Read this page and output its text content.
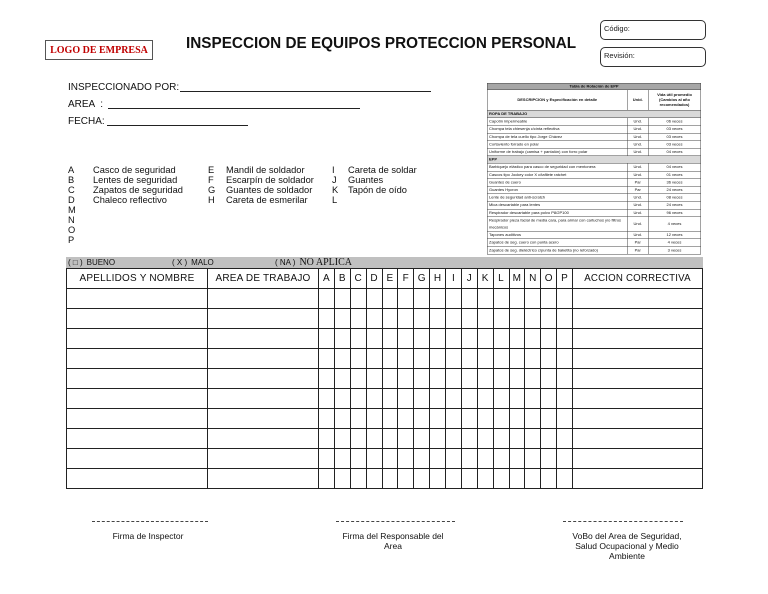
LOGO DE EMPRESA	INSPECCION DE EQUIPOS PROTECCION PERSONAL
Código:
Revisión:
INSPECCIONADO POR:
AREA  :
FECHA:
A Casco de seguridad
B Lentes de seguridad
C Zapatos de seguridad
D Chaleco reflectivo
M
N
O
P
E Mandil de soldador
F Escarpín de soldador
G Guantes de soldador
H Careta de esmerilar
I Careta de soldar
J Guantes
K Tapón de oído
L
Tabla de Rotación de EPP		
DESCRIPCION y Especificación en detalle	Unid.	Vida útil promedio (Cambios al año recomendados)
ROPA DE TRABAJO		
Capotín impermeable	Und.	06 veces
Chompa tela chiesenja c/cinta reflectiva	Und.	03 veces
Chompa de tela cuello tipo Jorge Chávez	Und.	03 veces
Cortaviento forrado en polar	Und.	03 veces
Uniforme de trabajo (camisa + pantalón) con forro polar	Und.	04 veces
EPP		
Barbiquejo elástico para casco de seguridad con mentonera	Und.	04 veces
Cascos tipo Jockey color X c/tafilete ratchet	Und.	01 veces
Guantes de cuero	Par	36 veces
Guantes Hycron	Par	24 veces
Lente de seguridad anti-scratch	Und.	08 veces
Mica descartable para lentes	Und.	24 veces
Respirador descartable para polvo P8/2P100	Und.	96 veces
Respirador pieza facial de media cara, para armar con cartuchos y/o filtros mecánicos	Und.	4 veces
Tapones auditivos	Und.	12 veces
Zapatos de seg. cuero con punta acero	Par	4 veces
Zapatos de seg. dieléctrico c/punta de baketita (no reforzado)	Par	3 veces
( □ ) BUENO	( X ) MALO	( NA ) NO APLICA
APELLIDOS Y NOMBRE	AREA DE TRABAJO	A	B	C	D	E	F	G	H	I	J	K	L	M	N	O	P	ACCION CORRECTIVA

Firma de Inspector	Firma del Responsable del Area
VoBo del Area de Seguridad, Salud Ocupacional y Medio Ambiente
